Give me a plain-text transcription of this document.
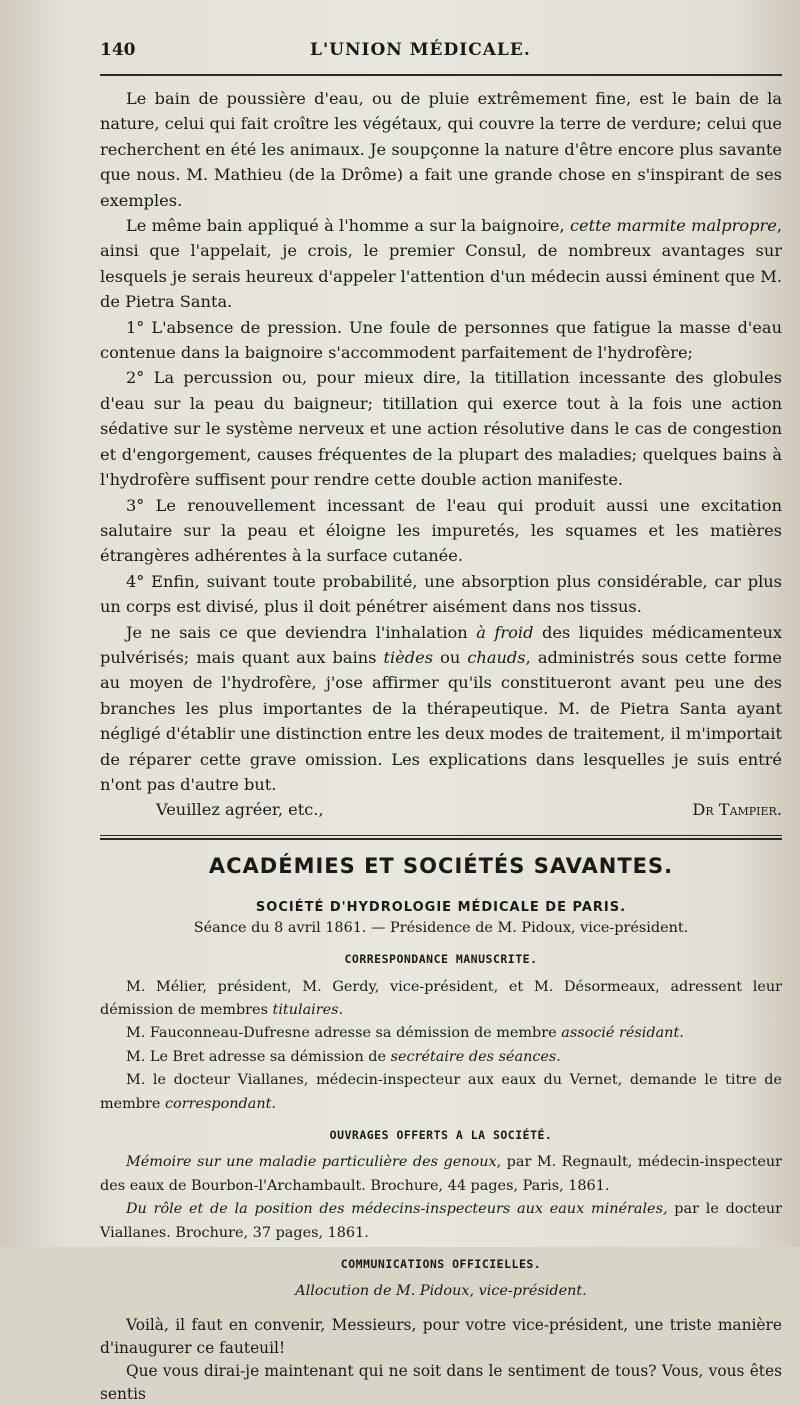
140	L'UNION MÉDICALE.

Le bain de poussière d'eau, ou de pluie extrêmement fine, est le bain de la nature, celui qui fait croître les végétaux, qui couvre la terre de verdure; celui que recherchent en été les animaux. Je soupçonne la nature d'être encore plus savante que nous. M. Mathieu (de la Drôme) a fait une grande chose en s'inspirant de ses exemples.

Le même bain appliqué à l'homme a sur la baignoire, cette marmite malpropre, ainsi que l'appelait, je crois, le premier Consul, de nombreux avantages sur lesquels je serais heureux d'appeler l'attention d'un médecin aussi éminent que M. de Pietra Santa.

1° L'absence de pression. Une foule de personnes que fatigue la masse d'eau contenue dans la baignoire s'accommodent parfaitement de l'hydrofère;

2° La percussion ou, pour mieux dire, la titillation incessante des globules d'eau sur la peau du baigneur; titillation qui exerce tout à la fois une action sédative sur le système nerveux et une action résolutive dans le cas de congestion et d'engorgement, causes fréquentes de la plupart des maladies; quelques bains à l'hydrofère suffisent pour rendre cette double action manifeste.

3° Le renouvellement incessant de l'eau qui produit aussi une excitation salutaire sur la peau et éloigne les impuretés, les squames et les matières étrangères adhérentes à la surface cutanée.

4° Enfin, suivant toute probabilité, une absorption plus considérable, car plus un corps est divisé, plus il doit pénétrer aisément dans nos tissus.

Je ne sais ce que deviendra l'inhalation à froid des liquides médicamenteux pulvérisés; mais quant aux bains tièdes ou chauds, administrés sous cette forme au moyen de l'hydrofère, j'ose affirmer qu'ils constitueront avant peu une des branches les plus importantes de la thérapeutique. M. de Pietra Santa ayant négligé d'établir une distinction entre les deux modes de traitement, il m'importait de réparer cette grave omission. Les explications dans lesquelles je suis entré n'ont pas d'autre but.

Veuillez agréer, etc.,	Dr Tampier.
ACADÉMIES ET SOCIÉTÉS SAVANTES.
SOCIÉTÉ D'HYDROLOGIE MÉDICALE DE PARIS.

Séance du 8 avril 1861. — Présidence de M. Pidoux, vice-président.

CORRESPONDANCE MANUSCRITE.

M. Mélier, président, M. Gerdy, vice-président, et M. Désormeaux, adressent leur démission de membres titulaires.

M. Fauconneau-Dufresne adresse sa démission de membre associé résidant.

M. Le Bret adresse sa démission de secrétaire des séances.

M. le docteur Viallanes, médecin-inspecteur aux eaux du Vernet, demande le titre de membre correspondant.

OUVRAGES OFFERTS A LA SOCIÉTÉ.

Mémoire sur une maladie particulière des genoux, par M. Regnault, médecin-inspecteur des eaux de Bourbon-l'Archambault. Brochure, 44 pages, Paris, 1861.

Du rôle et de la position des médecins-inspecteurs aux eaux minérales, par le docteur Viallanes. Brochure, 37 pages, 1861.

COMMUNICATIONS OFFICIELLES.

Allocution de M. Pidoux, vice-président.

Voilà, il faut en convenir, Messieurs, pour votre vice-président, une triste manière d'inaugurer ce fauteuil!

Que vous dirai-je maintenant qui ne soit dans le sentiment de tous? Vous, vous êtes sentis
